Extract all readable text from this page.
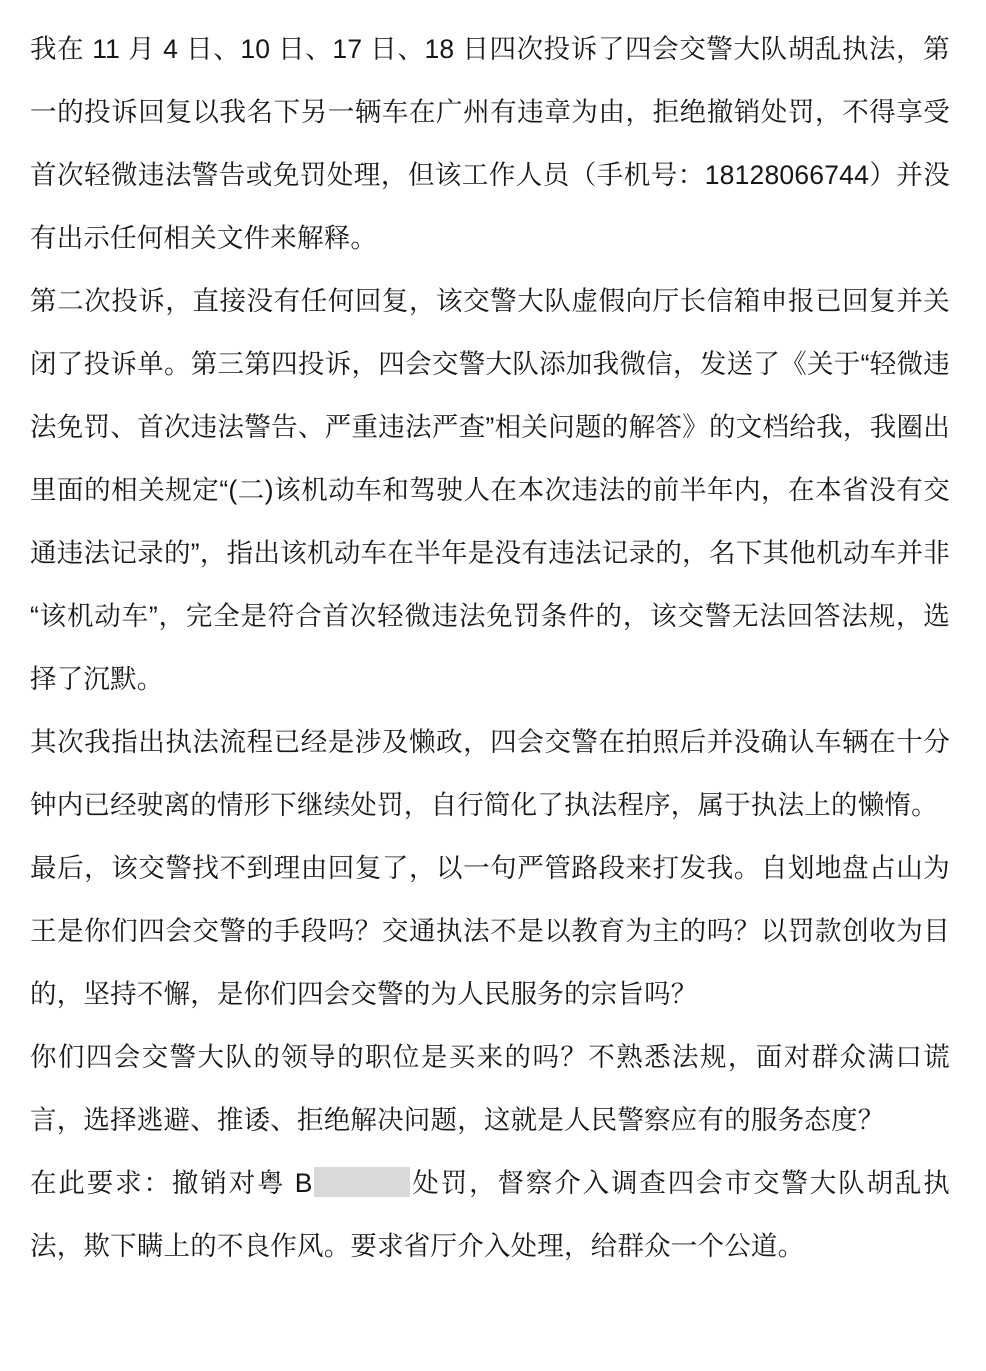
我在 11 月 4 日、10 日、17 日、18 日四次投诉了四会交警大队胡乱执法，第一的投诉回复以我名下另一辆车在广州有违章为由，拒绝撤销处罚，不得享受首次轻微违法警告或免罚处理，但该工作人员（手机号：18128066744）并没有出示任何相关文件来解释。

第二次投诉，直接没有任何回复，该交警大队虚假向厅长信箱申报已回复并关闭了投诉单。第三第四投诉，四会交警大队添加我微信，发送了《关于“轻微违法免罚、首次违法警告、严重违法严查”相关问题的解答》的文档给我，我圈出里面的相关规定“(二)该机动车和驾驶人在本次违法的前半年内，在本省没有交通违法记录的”，指出该机动车在半年是没有违法记录的，名下其他机动车并非“该机动车”，完全是符合首次轻微违法免罚条件的，该交警无法回答法规，选择了沉默。

其次我指出执法流程已经是涉及懒政，四会交警在拍照后并没确认车辆在十分钟内已经驶离的情形下继续处罚，自行简化了执法程序，属于执法上的懒惰。

最后，该交警找不到理由回复了，以一句严管路段来打发我。自划地盘占山为王是你们四会交警的手段吗？交通执法不是以教育为主的吗？以罚款创收为目的，坚持不懈，是你们四会交警的为人民服务的宗旨吗？

你们四会交警大队的领导的职位是买来的吗？不熟悉法规，面对群众满口谎言，选择逃避、推诿、拒绝解决问题，这就是人民警察应有的服务态度？

在此要求：撤销对粤 B	处罚，督察介入调查四会市交警大队胡乱执法，欺下瞒上的不良作风。要求省厅介入处理，给群众一个公道。
